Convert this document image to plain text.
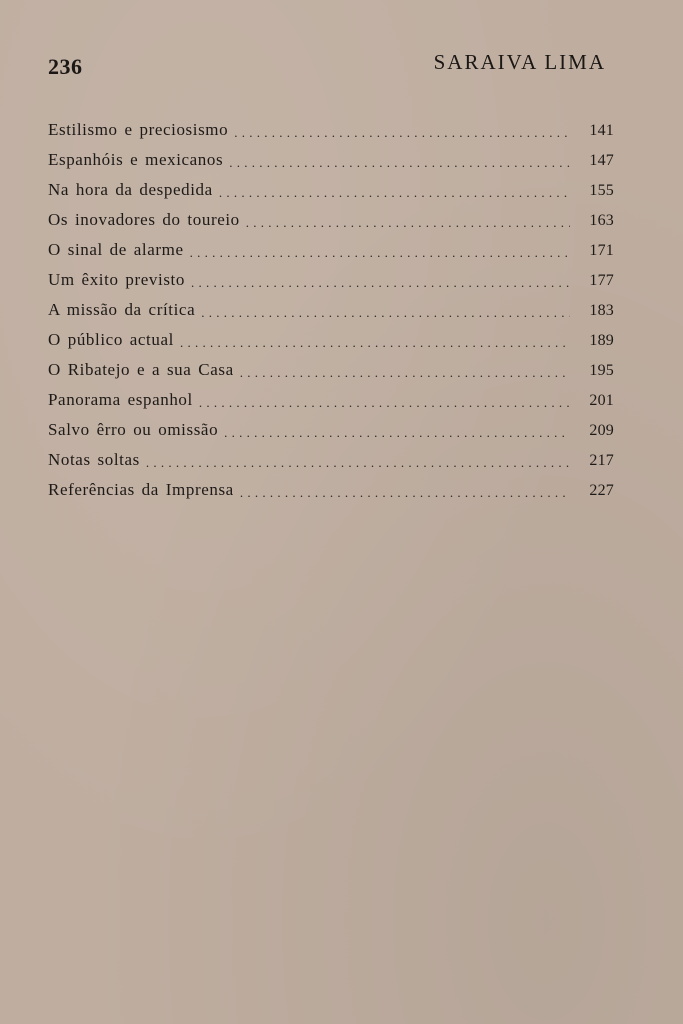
236	SARAIVA LIMA
Estilismo e preciosismo . . .	141
Espanhóis e mexicanos . . .	147
Na hora da despedida . . .	155
Os inovadores do toureio . . .	163
O sinal de alarme . . .	171
Um êxito previsto . . .	177
A missão da crítica . . .	183
O público actual . . .	189
O Ribatejo e a sua Casa . . .	195
Panorama espanhol . . .	201
Salvo êrro ou omissão . . .	209
Notas soltas . . .	217
Referências da Imprensa . . .	227
